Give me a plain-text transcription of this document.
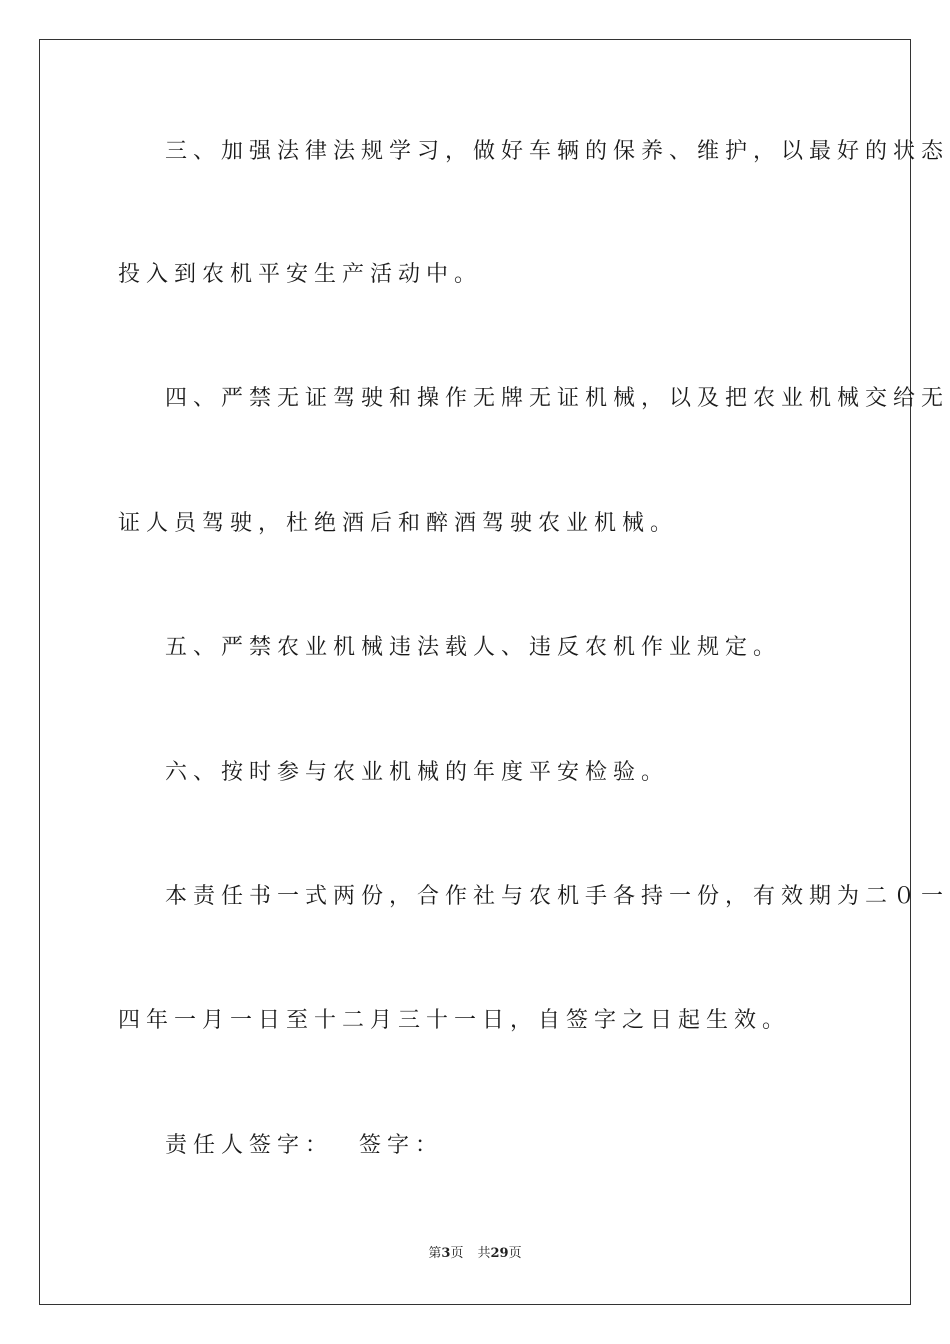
三、加强法律法规学习，做好车辆的保养、维护，以最好的状态
投入到农机平安生产活动中。
四、严禁无证驾驶和操作无牌无证机械，以及把农业机械交给无
证人员驾驶，杜绝酒后和醉酒驾驶农业机械。
五、严禁农业机械违法载人、违反农机作业规定。
六、按时参与农业机械的年度平安检验。
本责任书一式两份，合作社与农机手各持一份，有效期为二０一
四年一月一日至十二月三十一日，自签字之日起生效。
责任人签字：  签字：
第3页 共29页
